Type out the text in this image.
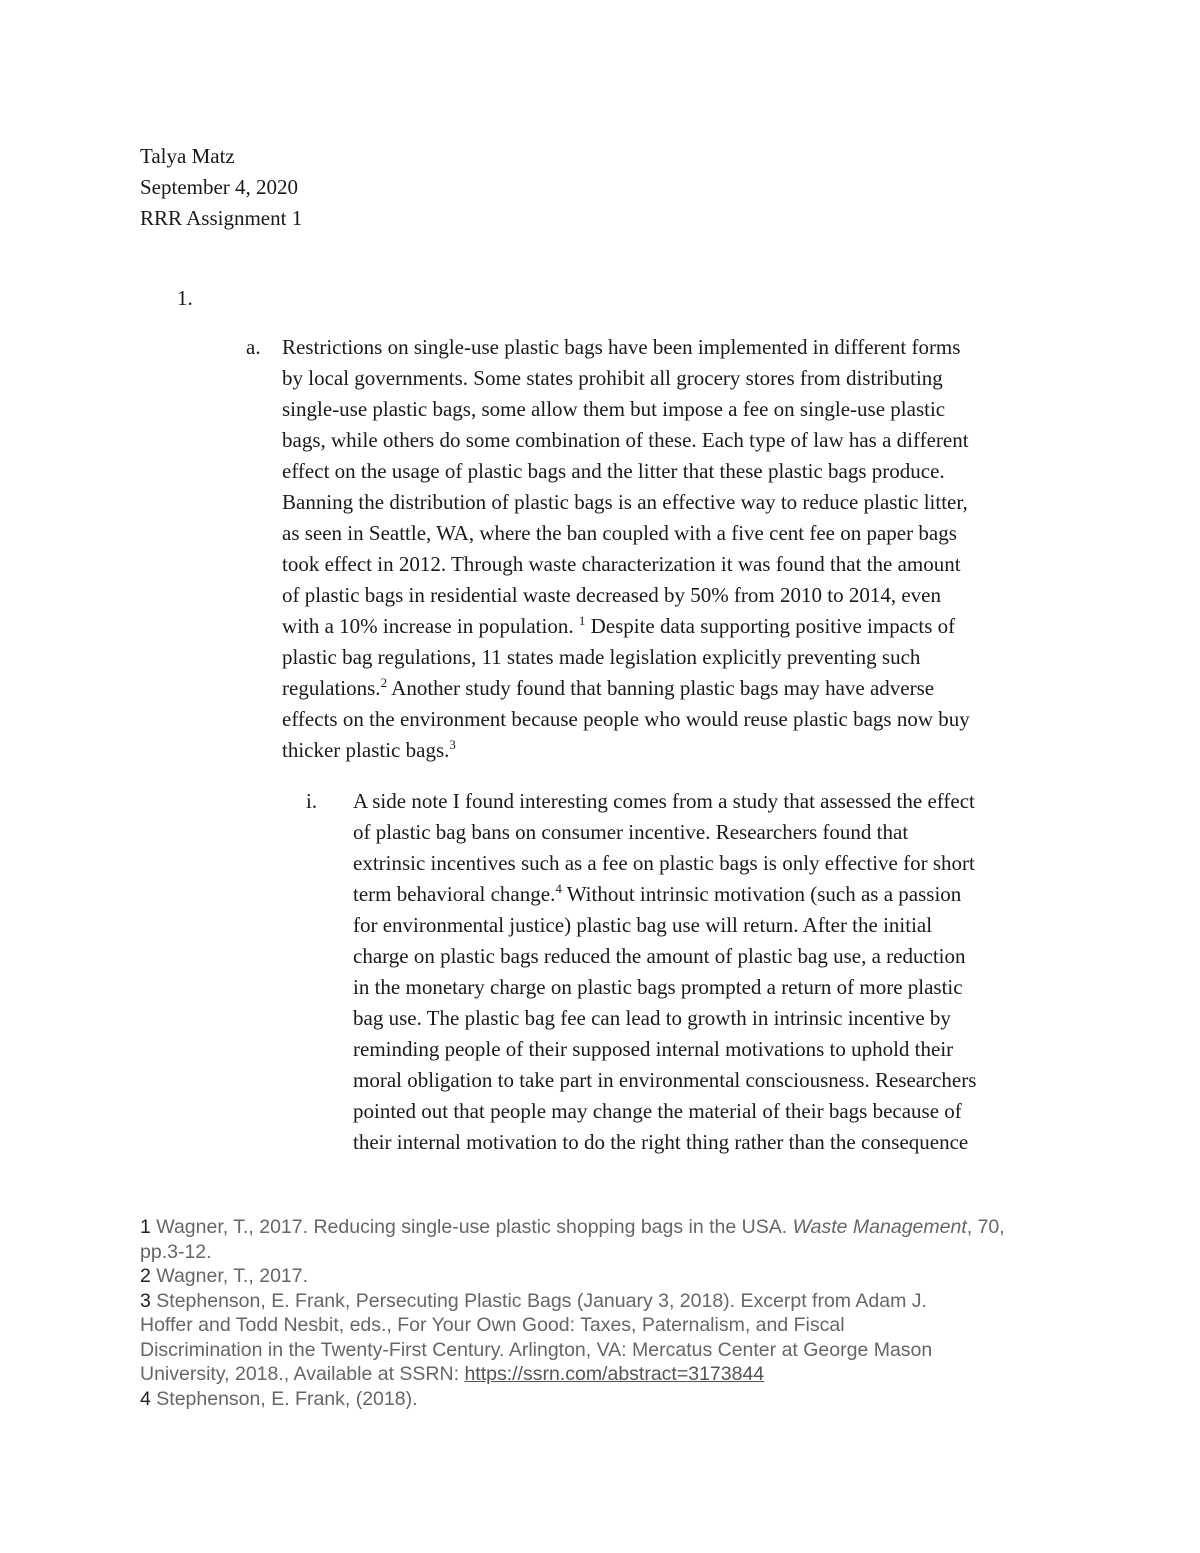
Talya Matz
September 4, 2020
RRR Assignment 1
1.
a. Restrictions on single-use plastic bags have been implemented in different forms
by local governments. Some states prohibit all grocery stores from distributing
single-use plastic bags, some allow them but impose a fee on single-use plastic
bags, while others do some combination of these. Each type of law has a different
effect on the usage of plastic bags and the litter that these plastic bags produce.
Banning the distribution of plastic bags is an effective way to reduce plastic litter,
as seen in Seattle, WA, where the ban coupled with a five cent fee on paper bags
took effect in 2012. Through waste characterization it was found that the amount
of plastic bags in residential waste decreased by 50% from 2010 to 2014, even
with a 10% increase in population. $^1$ Despite data supporting positive impacts of
plastic bag regulations, 11 states made legislation explicitly preventing such
regulations.$^2$ Another study found that banning plastic bags may have adverse
effects on the environment because people who would reuse plastic bags now buy
thicker plastic bags.$^3$
i. A side note I found interesting comes from a study that assessed the effect
of plastic bag bans on consumer incentive. Researchers found that
extrinsic incentives such as a fee on plastic bags is only effective for short
term behavioral change.$^4$ Without intrinsic motivation (such as a passion
for environmental justice) plastic bag use will return. After the initial
charge on plastic bags reduced the amount of plastic bag use, a reduction
in the monetary charge on plastic bags prompted a return of more plastic
bag use. The plastic bag fee can lead to growth in intrinsic incentive by
reminding people of their supposed internal motivations to uphold their
moral obligation to take part in environmental consciousness. Researchers
pointed out that people may change the material of their bags because of
their internal motivation to do the right thing rather than the consequence
1 Wagner, T., 2017. Reducing single-use plastic shopping bags in the USA. Waste Management, 70,
pp.3-12.
2 Wagner, T., 2017.
3 Stephenson, E. Frank, Persecuting Plastic Bags (January 3, 2018). Excerpt from Adam J.
Hoffer and Todd Nesbit, eds., For Your Own Good: Taxes, Paternalism, and Fiscal
Discrimination in the Twenty-First Century. Arlington, VA: Mercatus Center at George Mason
University, 2018., Available at SSRN: https://ssrn.com/abstract=3173844
4 Stephenson, E. Frank, (2018).
